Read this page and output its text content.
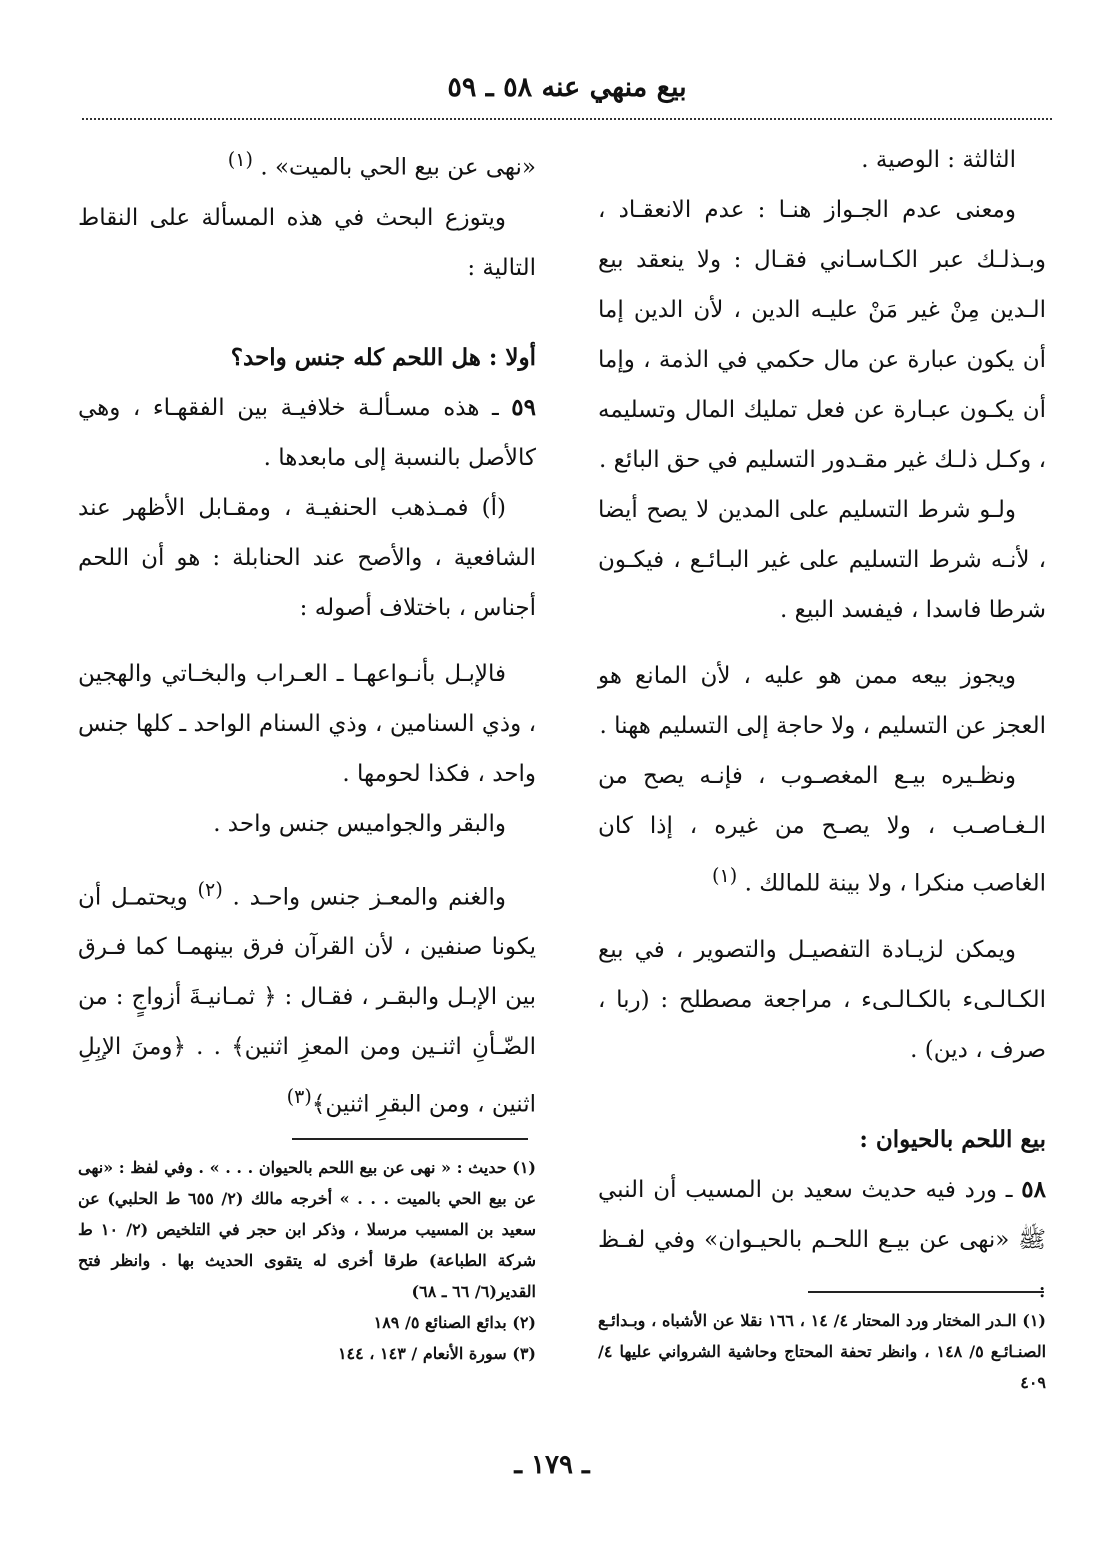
بيع منهي عنه ٥٨ ـ ٥٩

الثالثة : الوصية .

ومعنى عدم الجـواز هنـا : عدم الانعقـاد ، وبـذلـك عبر الكـاسـاني فقـال : ولا ينعقد بيع الـدين مِنْ غير مَنْ عليـه الدين ، لأن الدين إما أن يكون عبارة عن مال حكمي في الذمة ، وإما أن يكـون عبـارة عن فعل تمليك المال وتسليمه ، وكـل ذلـك غير مقـدور التسليم في حق البائع .

ولـو شرط التسليم على المدين لا يصح أيضا ، لأنـه شرط التسليم على غير البـائـع ، فيكـون شرطا فاسدا ، فيفسد البيع .

ويجوز بيعه ممن هو عليه ، لأن المانع هو العجز عن التسليم ، ولا حاجة إلى التسليم ههنا .

ونظـيره بيـع المغصـوب ، فإنـه يصح من الـغـاصـب ، ولا يصـح من غيره ، إذا كان الغاصب منكرا ، ولا بينة للمالك . $^{(١)}$

ويمكن لزيـادة التفصيـل والتصوير ، في بيع الكـالـىء بالكـالـىء ، مراجعة مصطلح : (ربا ، صرف ، دين) .

بيع اللحم بالحيوان :

٥٨ ـ ورد فيه حديث سعيد بن المسيب أن النبي ﷺ «نهى عن بيـع اللحـم بالحيـوان» وفي لفـظ :

«نهى عن بيع الحي بالميت» . $^{(١)}$

ويتوزع البحث في هذه المسألة على النقاط التالية :

أولا : هل اللحم كله جنس واحد؟

٥٩ ـ هذه مسـألـة خلافيـة بين الفقهـاء ، وهي كالأصل بالنسبة إلى مابعدها .

(أ) فمـذهب الحنفيـة ، ومقـابل الأظهر عند الشافعية ، والأصح عند الحنابلة : هو أن اللحم أجناس ، باختلاف أصوله :

فالإبـل بأنـواعهـا ـ العـراب والبخـاتي والهجين ، وذي السنامين ، وذي السنام الواحد ـ كلها جنس واحد ، فكذا لحومها .

والبقر والجواميس جنس واحد .

والغنم والمعـز جنس واحـد . $^{(٢)}$ ويحتمـل أن يكونا صنفين ، لأن القرآن فرق بينهمـا كما فـرق بين الإبـل والبقـر ، فقـال : ﴿ ثمـانيـةَ أزواجٍ : من الضّـأنِ اثنـين ومن المعزِ اثنين﴾ . . ﴿ومنَ الإبِلِ اثنين ، ومن البقرِ اثنين﴾$^{(٣)}$

(١) حديث : « نهى عن بيع اللحم بالحيوان . . . » . وفي لفظ : «نهى عن بيع الحي بالميت . . . » أخرجه مالك (٢/ ٦٥٥ ط الحلبي) عن سعيد بن المسيب مرسلا ، وذكر ابن حجر في التلخيص (٢/ ١٠ ط شركة الطباعة) طرقا أخرى له يتقوى الحديث بها . وانظر فتح القدير(٦/ ٦٦ ـ ٦٨)

(٢) بدائع الصنائع ٥/ ١٨٩

(٣) سورة الأنعام / ١٤٣ ، ١٤٤

(١) الـدر المختار ورد المحتار ٤/ ١٤ ، ١٦٦ نقلا عن الأشباه ، وبـدائـع الصنـائـع ٥/ ١٤٨ ، وانظر تحفة المحتاج وحاشية الشرواني عليها ٤/ ٤٠٩

ـ ١٧٩ ـ
